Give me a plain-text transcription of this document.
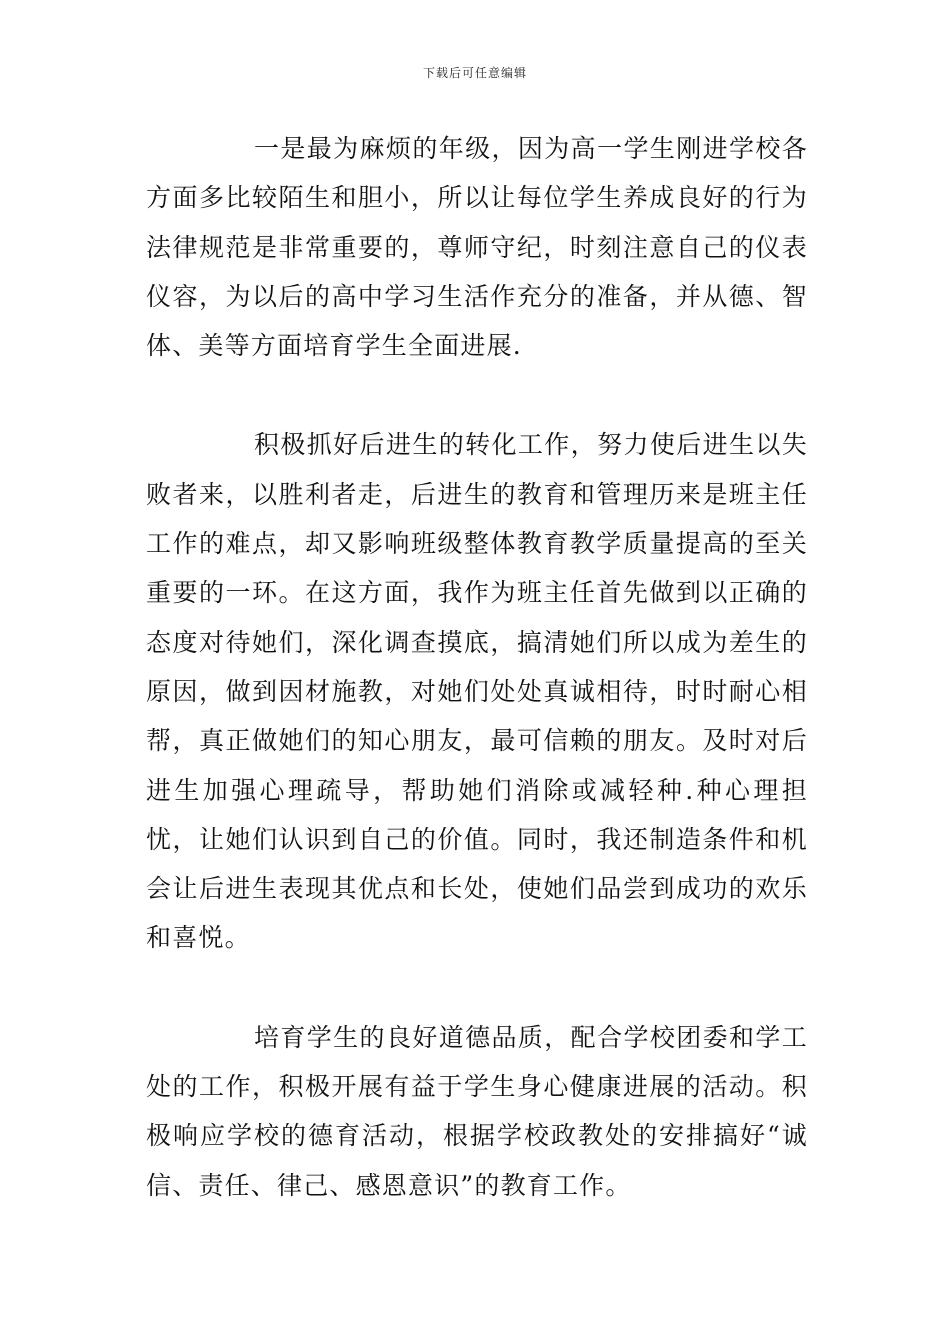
下载后可任意编辑

一是最为麻烦的年级，因为高一学生刚进学校各方面多比较陌生和胆小，所以让每位学生养成良好的行为法律规范是非常重要的，尊师守纪，时刻注意自己的仪表仪容，为以后的高中学习生活作充分的准备，并从德、智体、美等方面培育学生全面进展.

积极抓好后进生的转化工作，努力使后进生以失败者来，以胜利者走，后进生的教育和管理历来是班主任工作的难点，却又影响班级整体教育教学质量提高的至关重要的一环。在这方面，我作为班主任首先做到以正确的态度对待她们，深化调查摸底，搞清她们所以成为差生的原因，做到因材施教，对她们处处真诚相待，时时耐心相帮，真正做她们的知心朋友，最可信赖的朋友。及时对后进生加强心理疏导，帮助她们消除或减轻种.种心理担忧，让她们认识到自己的价值。同时，我还制造条件和机会让后进生表现其优点和长处，使她们品尝到成功的欢乐和喜悦。

培育学生的良好道德品质，配合学校团委和学工处的工作，积极开展有益于学生身心健康进展的活动。积极响应学校的德育活动，根据学校政教处的安排搞好“诚信、责任、律己、感恩意识”的教育工作。
